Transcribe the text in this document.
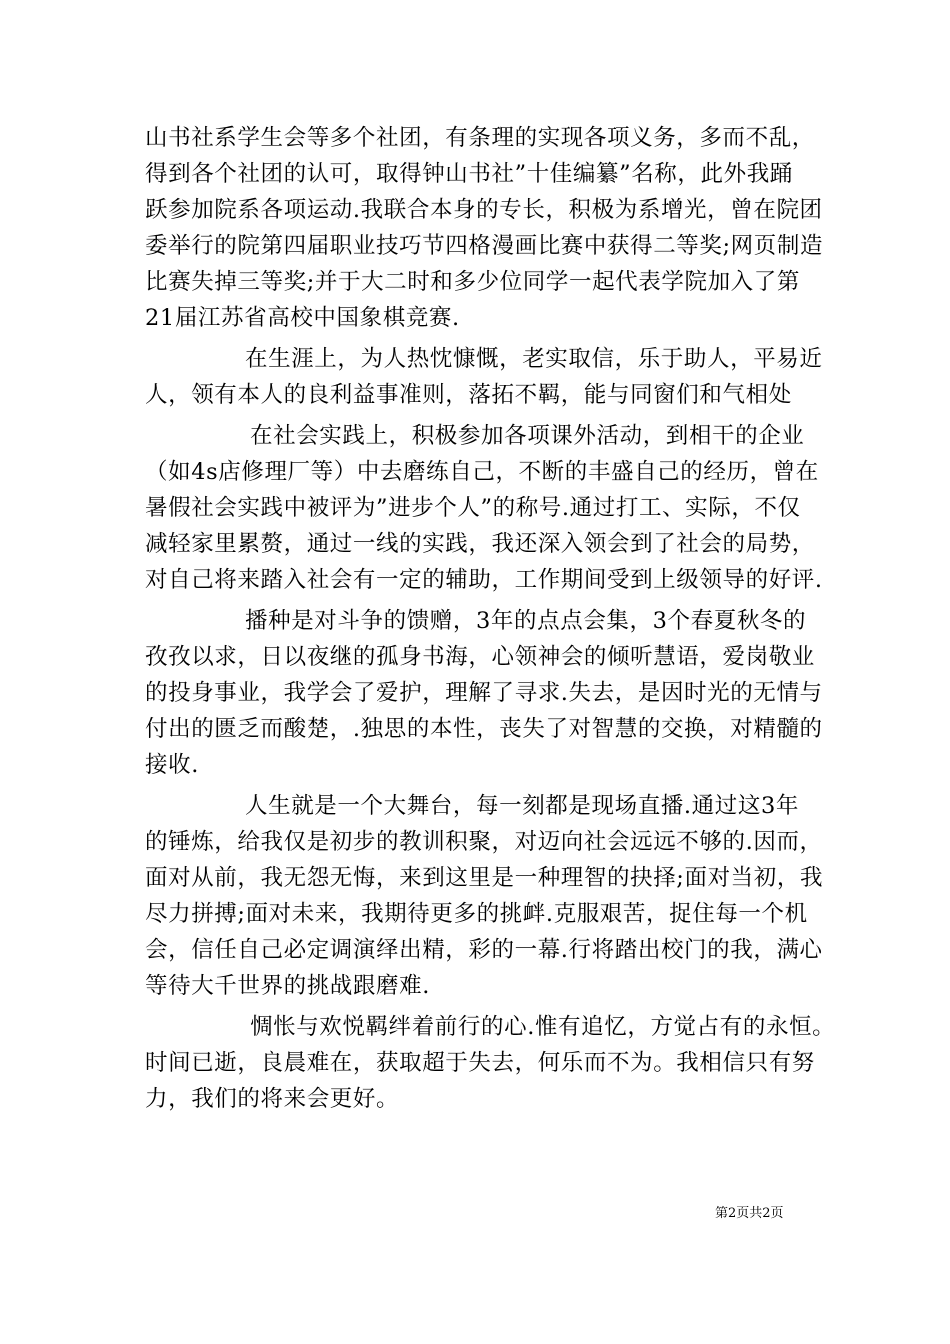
山书社系学生会等多个社团，有条理的实现各项义务，多而不乱，
得到各个社团的认可，取得钟山书社”十佳编纂”名称，此外我踊
跃参加院系各项运动.我联合本身的专长，积极为系增光，曾在院团
委举行的院第四届职业技巧节四格漫画比赛中获得二等奖;网页制造
比赛失掉三等奖;并于大二时和多少位同学一起代表学院加入了第
21届江苏省高校中国象棋竞赛.
在生涯上，为人热忱慷慨，老实取信，乐于助人，平易近
人，领有本人的良利益事准则，落拓不羁，能与同窗们和气相处
在社会实践上，积极参加各项课外活动，到相干的企业
（如4s店修理厂等）中去磨练自己，不断的丰盛自己的经历，曾在
暑假社会实践中被评为”进步个人”的称号.通过打工、实际，不仅
减轻家里累赘，通过一线的实践，我还深入领会到了社会的局势，
对自己将来踏入社会有一定的辅助，工作期间受到上级领导的好评.
播种是对斗争的馈赠，3年的点点会集，3个春夏秋冬的
孜孜以求，日以夜继的孤身书海，心领神会的倾听慧语，爱岗敬业
的投身事业，我学会了爱护，理解了寻求.失去，是因时光的无情与
付出的匮乏而酸楚，.独思的本性，丧失了对智慧的交换，对精髓的
接收.
人生就是一个大舞台，每一刻都是现场直播.通过这3年
的锤炼，给我仅是初步的教训积聚，对迈向社会远远不够的.因而，
面对从前，我无怨无悔，来到这里是一种理智的抉择;面对当初，我
尽力拼搏;面对未来，我期待更多的挑衅.克服艰苦，捉住每一个机
会，信任自己必定调演绎出精，彩的一幕.行将踏出校门的我，满心
等待大千世界的挑战跟磨难.
惆怅与欢悦羁绊着前行的心.惟有追忆，方觉占有的永恒。
时间已逝，良晨难在，获取超于失去，何乐而不为。我相信只有努
力，我们的将来会更好。
第2页共2页
